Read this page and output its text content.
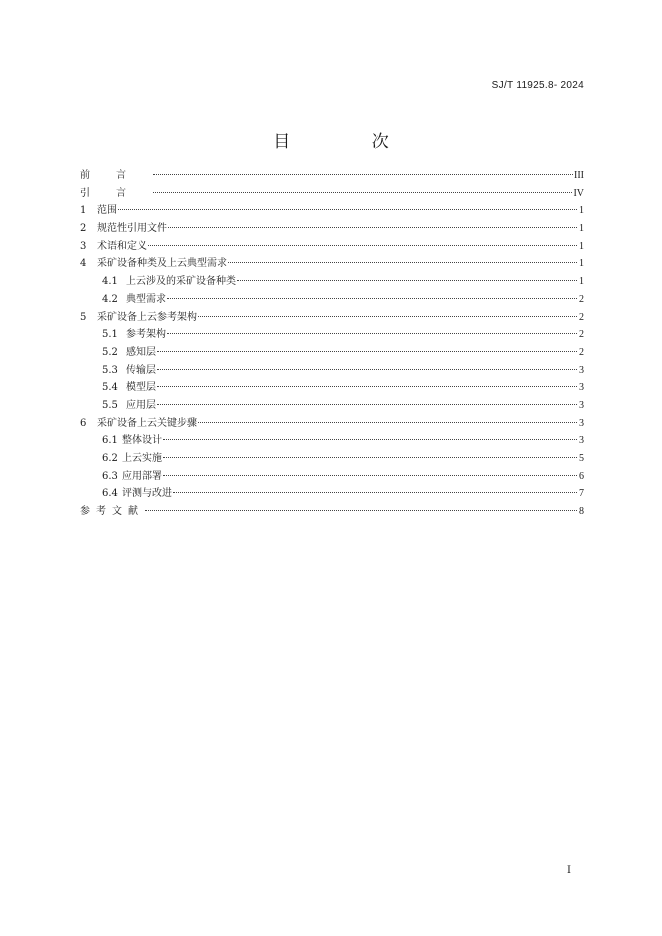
SJ/T 11925.8- 2024
目 次
前言	III
引言	IV
1	范围	1
2	规范性引用文件	1
3	术语和定义	1
4	采矿设备种类及上云典型需求	1
4.1 上云涉及的采矿设备种类	1
4.2 典型需求	2
5	采矿设备上云参考架构	2
5.1 参考架构	2
5.2 感知层	2
5.3 传输层	3
5.4 模型层	3
5.5 应用层	3
6	采矿设备上云关键步骤	3
6.1 整体设计	3
6.2 上云实施	5
6.3 应用部署	6
6.4 评测与改进	7
参考文献	8
I
